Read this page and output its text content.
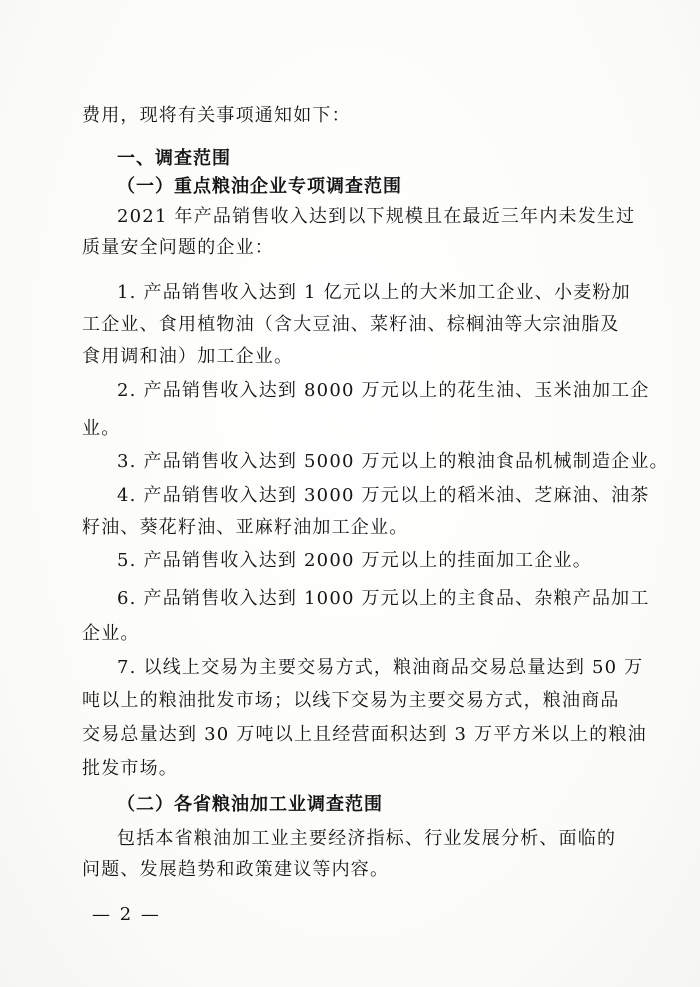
费用，现将有关事项通知如下：
一、调查范围
（一）重点粮油企业专项调查范围
2021 年产品销售收入达到以下规模且在最近三年内未发生过
质量安全问题的企业：
1. 产品销售收入达到 1 亿元以上的大米加工企业、小麦粉加
工企业、食用植物油（含大豆油、菜籽油、棕榈油等大宗油脂及
食用调和油）加工企业。
2. 产品销售收入达到 8000 万元以上的花生油、玉米油加工企
业。
3. 产品销售收入达到 5000 万元以上的粮油食品机械制造企业。
4. 产品销售收入达到 3000 万元以上的稻米油、芝麻油、油茶
籽油、葵花籽油、亚麻籽油加工企业。
5. 产品销售收入达到 2000 万元以上的挂面加工企业。
6. 产品销售收入达到 1000 万元以上的主食品、杂粮产品加工
企业。
7. 以线上交易为主要交易方式，粮油商品交易总量达到 50 万
吨以上的粮油批发市场；以线下交易为主要交易方式，粮油商品
交易总量达到 30 万吨以上且经营面积达到 3 万平方米以上的粮油
批发市场。
（二）各省粮油加工业调查范围
包括本省粮油加工业主要经济指标、行业发展分析、面临的
问题、发展趋势和政策建议等内容。
— 2 —
